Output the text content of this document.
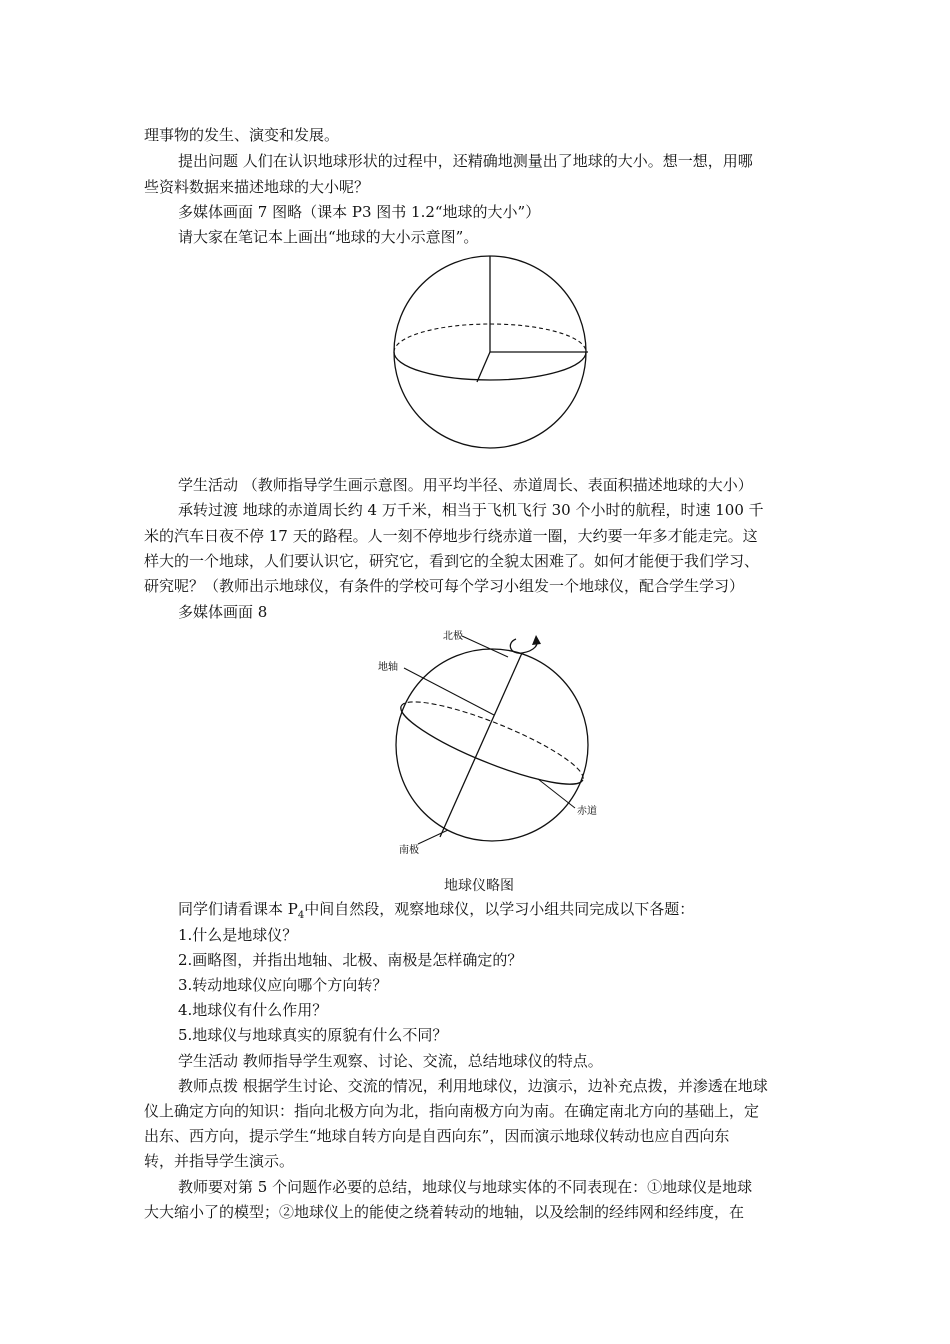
理事物的发生、演变和发展。
提出问题 人们在认识地球形状的过程中，还精确地测量出了地球的大小。想一想，用哪
些资料数据来描述地球的大小呢？
多媒体画面 7 图略（课本 P3 图书 1.2“地球的大小”）
请大家在笔记本上画出“地球的大小示意图”。
学生活动 （教师指导学生画示意图。用平均半径、赤道周长、表面积描述地球的大小）
承转过渡 地球的赤道周长约 4 万千米，相当于飞机飞行 30 个小时的航程，时速 100 千
米的汽车日夜不停 17 天的路程。人一刻不停地步行绕赤道一圈，大约要一年多才能走完。这
样大的一个地球，人们要认识它，研究它，看到它的全貌太困难了。如何才能便于我们学习、
研究呢？（教师出示地球仪，有条件的学校可每个学习小组发一个地球仪，配合学生学习）
多媒体画面 8
北极
地轴
赤道
南极
地球仪略图
同学们请看课本 $P_4$中间自然段，观察地球仪，以学习小组共同完成以下各题：
1.什么是地球仪？
2.画略图，并指出地轴、北极、南极是怎样确定的？
3.转动地球仪应向哪个方向转？
4.地球仪有什么作用？
5.地球仪与地球真实的原貌有什么不同？
学生活动 教师指导学生观察、讨论、交流，总结地球仪的特点。
教师点拨 根据学生讨论、交流的情况，利用地球仪，边演示，边补充点拨，并渗透在地球
仪上确定方向的知识：指向北极方向为北，指向南极方向为南。在确定南北方向的基础上，定
出东、西方向，提示学生“地球自转方向是自西向东”，因而演示地球仪转动也应自西向东
转，并指导学生演示。
教师要对第 5 个问题作必要的总结，地球仪与地球实体的不同表现在：①地球仪是地球
大大缩小了的模型；②地球仪上的能使之绕着转动的地轴，以及绘制的经纬网和经纬度，在
